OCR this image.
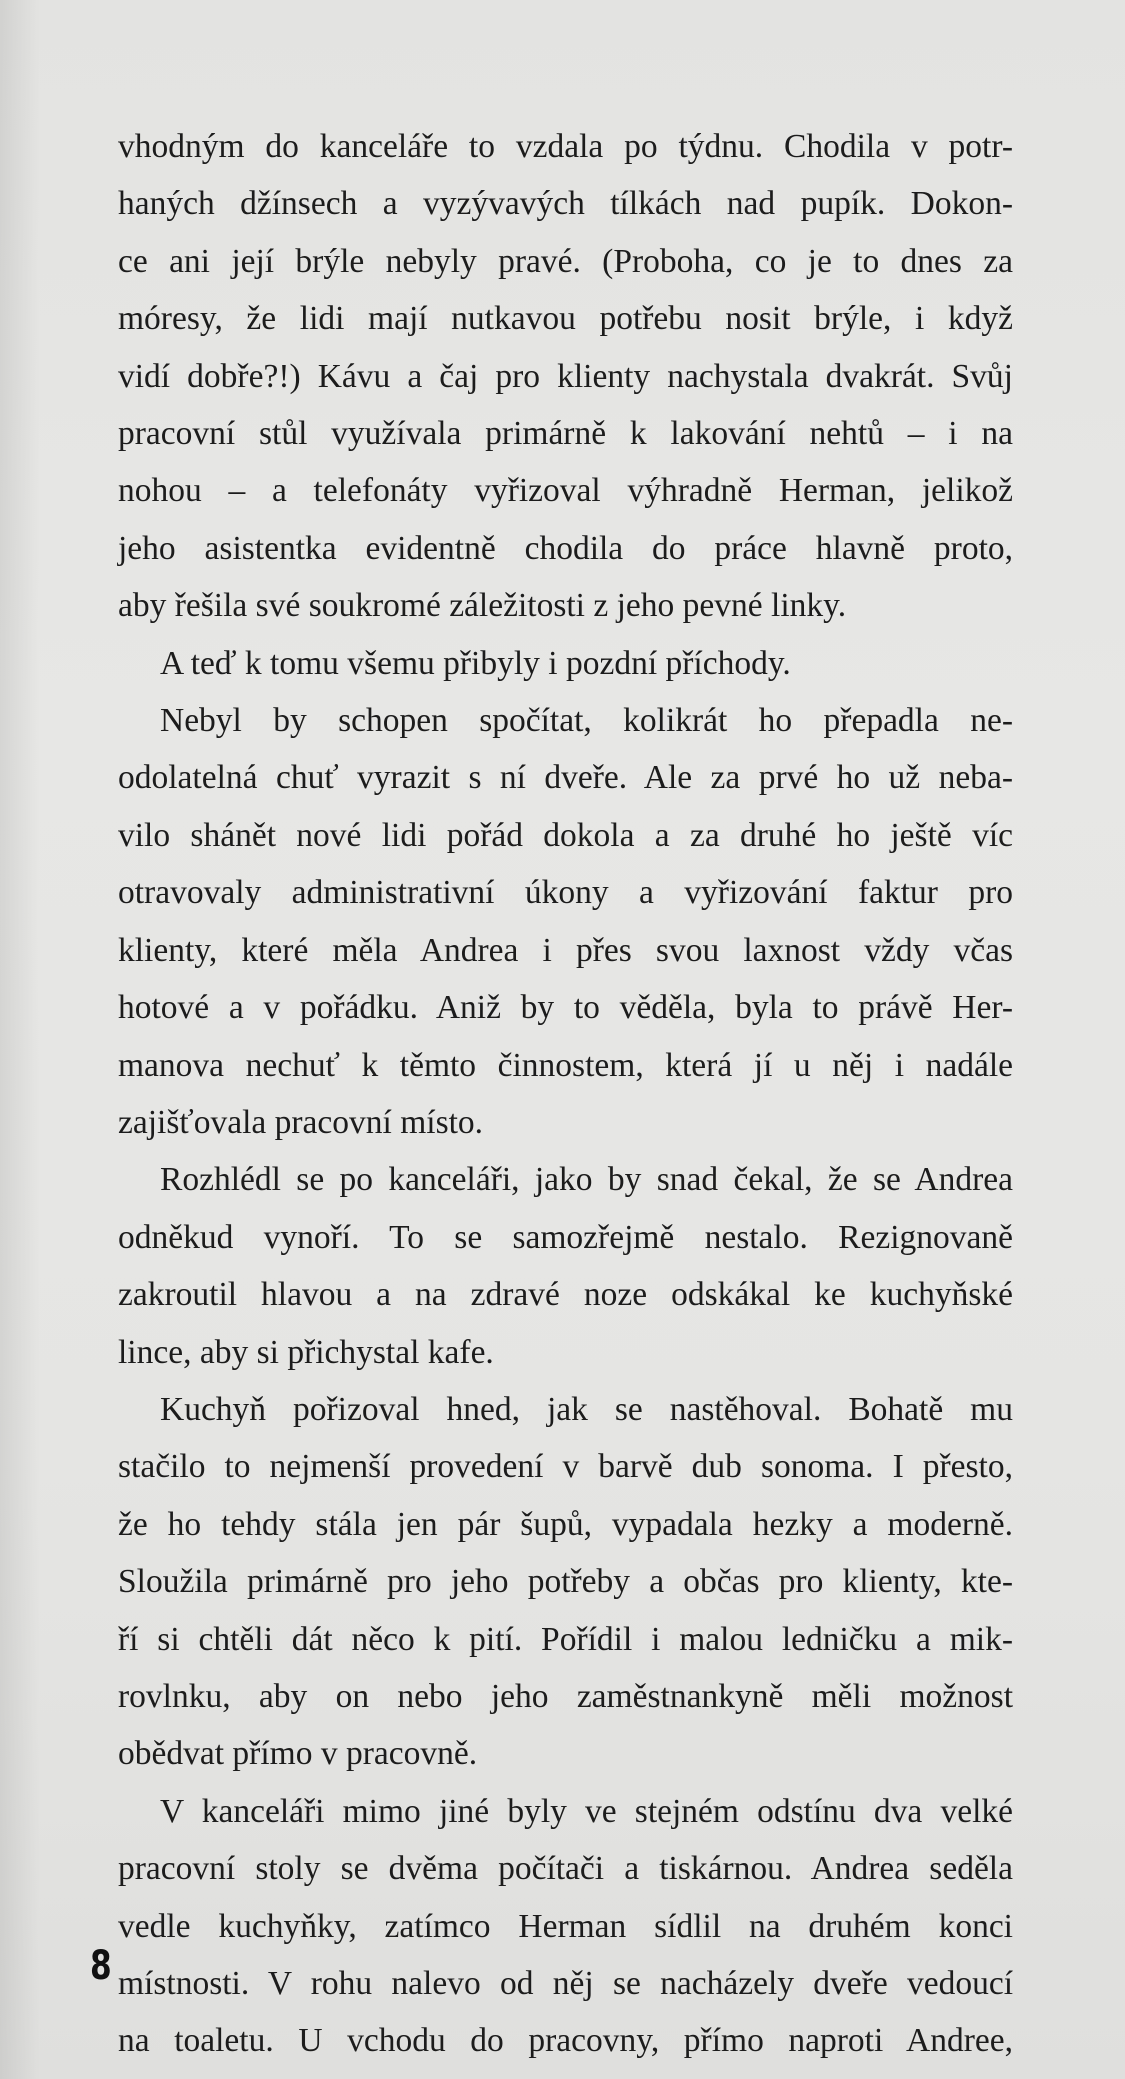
vhodným do kanceláře to vzdala po týdnu. Chodila v potr-
haných džínsech a vyzývavých tílkách nad pupík. Dokon-
ce ani její brýle nebyly pravé. (Proboha, co je to dnes za
móresy, že lidi mají nutkavou potřebu nosit brýle, i když
vidí dobře?!) Kávu a čaj pro klienty nachystala dvakrát. Svůj
pracovní stůl využívala primárně k lakování nehtů – i na
nohou – a telefonáty vyřizoval výhradně Herman, jelikož
jeho asistentka evidentně chodila do práce hlavně proto,
aby řešila své soukromé záležitosti z jeho pevné linky.

A teď k tomu všemu přibyly i pozdní příchody.

Nebyl by schopen spočítat, kolikrát ho přepadla ne-
odolatelná chuť vyrazit s ní dveře. Ale za prvé ho už neba-
vilo shánět nové lidi pořád dokola a za druhé ho ještě víc
otravovaly administrativní úkony a vyřizování faktur pro
klienty, které měla Andrea i přes svou laxnost vždy včas
hotové a v pořádku. Aniž by to věděla, byla to právě Her-
manova nechuť k těmto činnostem, která jí u něj i nadále
zajišťovala pracovní místo.

Rozhlédl se po kanceláři, jako by snad čekal, že se Andrea
odněkud vynoří. To se samozřejmě nestalo. Rezignovaně
zakroutil hlavou a na zdravé noze odskákal ke kuchyňské
lince, aby si přichystal kafe.

Kuchyň pořizoval hned, jak se nastěhoval. Bohatě mu
stačilo to nejmenší provedení v barvě dub sonoma. I přesto,
že ho tehdy stála jen pár šupů, vypadala hezky a moderně.
Sloužila primárně pro jeho potřeby a občas pro klienty, kte-
ří si chtěli dát něco k pití. Pořídil i malou ledničku a mik-
rovlnku, aby on nebo jeho zaměstnankyně měli možnost
obědvat přímo v pracovně.

V kanceláři mimo jiné byly ve stejném odstínu dva velké
pracovní stoly se dvěma počítači a tiskárnou. Andrea seděla
vedle kuchyňky, zatímco Herman sídlil na druhém konci
místnosti. V rohu nalevo od něj se nacházely dveře vedoucí
na toaletu. U vchodu do pracovny, přímo naproti Andree,

8
